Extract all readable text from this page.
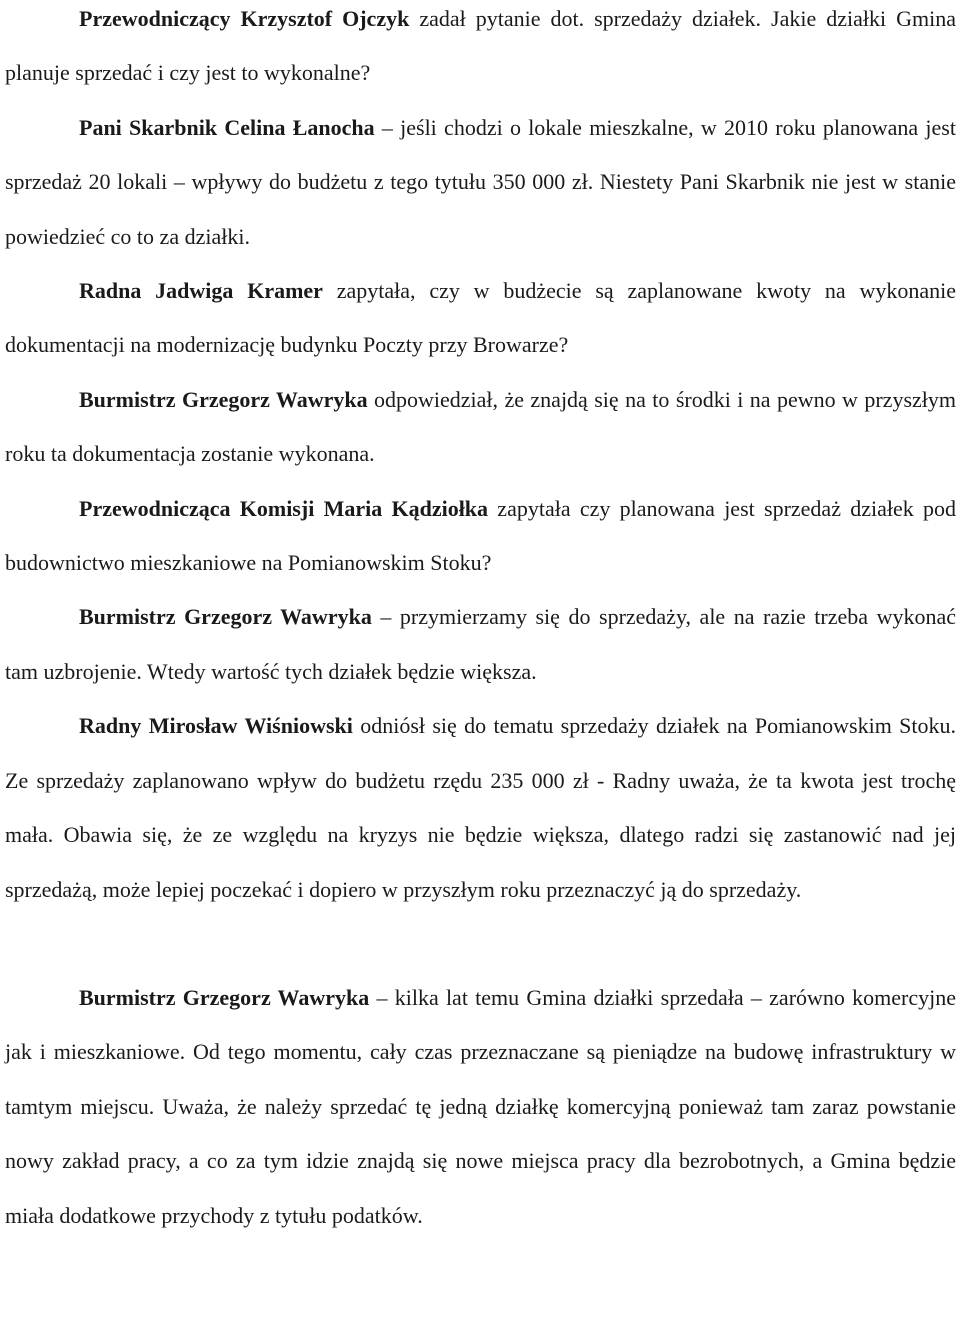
Przewodniczący Krzysztof Ojczyk zadał pytanie dot. sprzedaży działek. Jakie działki Gmina planuje sprzedać i czy jest to wykonalne?

Pani Skarbnik Celina Łanocha – jeśli chodzi o lokale mieszkalne, w 2010 roku planowana jest sprzedaż 20 lokali – wpływy do budżetu z tego tytułu 350 000 zł. Niestety Pani Skarbnik nie jest w stanie powiedzieć co to za działki.

Radna Jadwiga Kramer zapytała, czy w budżecie są zaplanowane kwoty na wykonanie dokumentacji na modernizację budynku Poczty przy Browarze?

Burmistrz Grzegorz Wawryka odpowiedział, że znajdą się na to środki i na pewno w przyszłym roku ta dokumentacja zostanie wykonana.

Przewodnicząca Komisji Maria Kądziołka zapytała czy planowana jest sprzedaż działek pod budownictwo mieszkaniowe na Pomianowskim Stoku?

Burmistrz Grzegorz Wawryka – przymierzamy się do sprzedaży, ale na razie trzeba wykonać tam uzbrojenie. Wtedy wartość tych działek będzie większa.

Radny Mirosław Wiśniowski odniósł się do tematu sprzedaży działek na Pomianowskim Stoku. Ze sprzedaży zaplanowano wpływ do budżetu rzędu 235 000 zł - Radny uważa, że ta kwota jest trochę mała. Obawia się, że ze względu na kryzys nie będzie większa, dlatego radzi się zastanowić nad jej sprzedażą, może lepiej poczekać i dopiero w przyszłym roku przeznaczyć ją do sprzedaży.

Burmistrz Grzegorz Wawryka – kilka lat temu Gmina działki sprzedała – zarówno komercyjne jak i mieszkaniowe. Od tego momentu, cały czas przeznaczane są pieniądze na budowę infrastruktury w tamtym miejscu. Uważa, że należy sprzedać tę jedną działkę komercyjną ponieważ tam zaraz powstanie nowy zakład pracy, a co za tym idzie znajdą się nowe miejsca pracy dla bezrobotnych, a Gmina będzie miała dodatkowe przychody z tytułu podatków.
